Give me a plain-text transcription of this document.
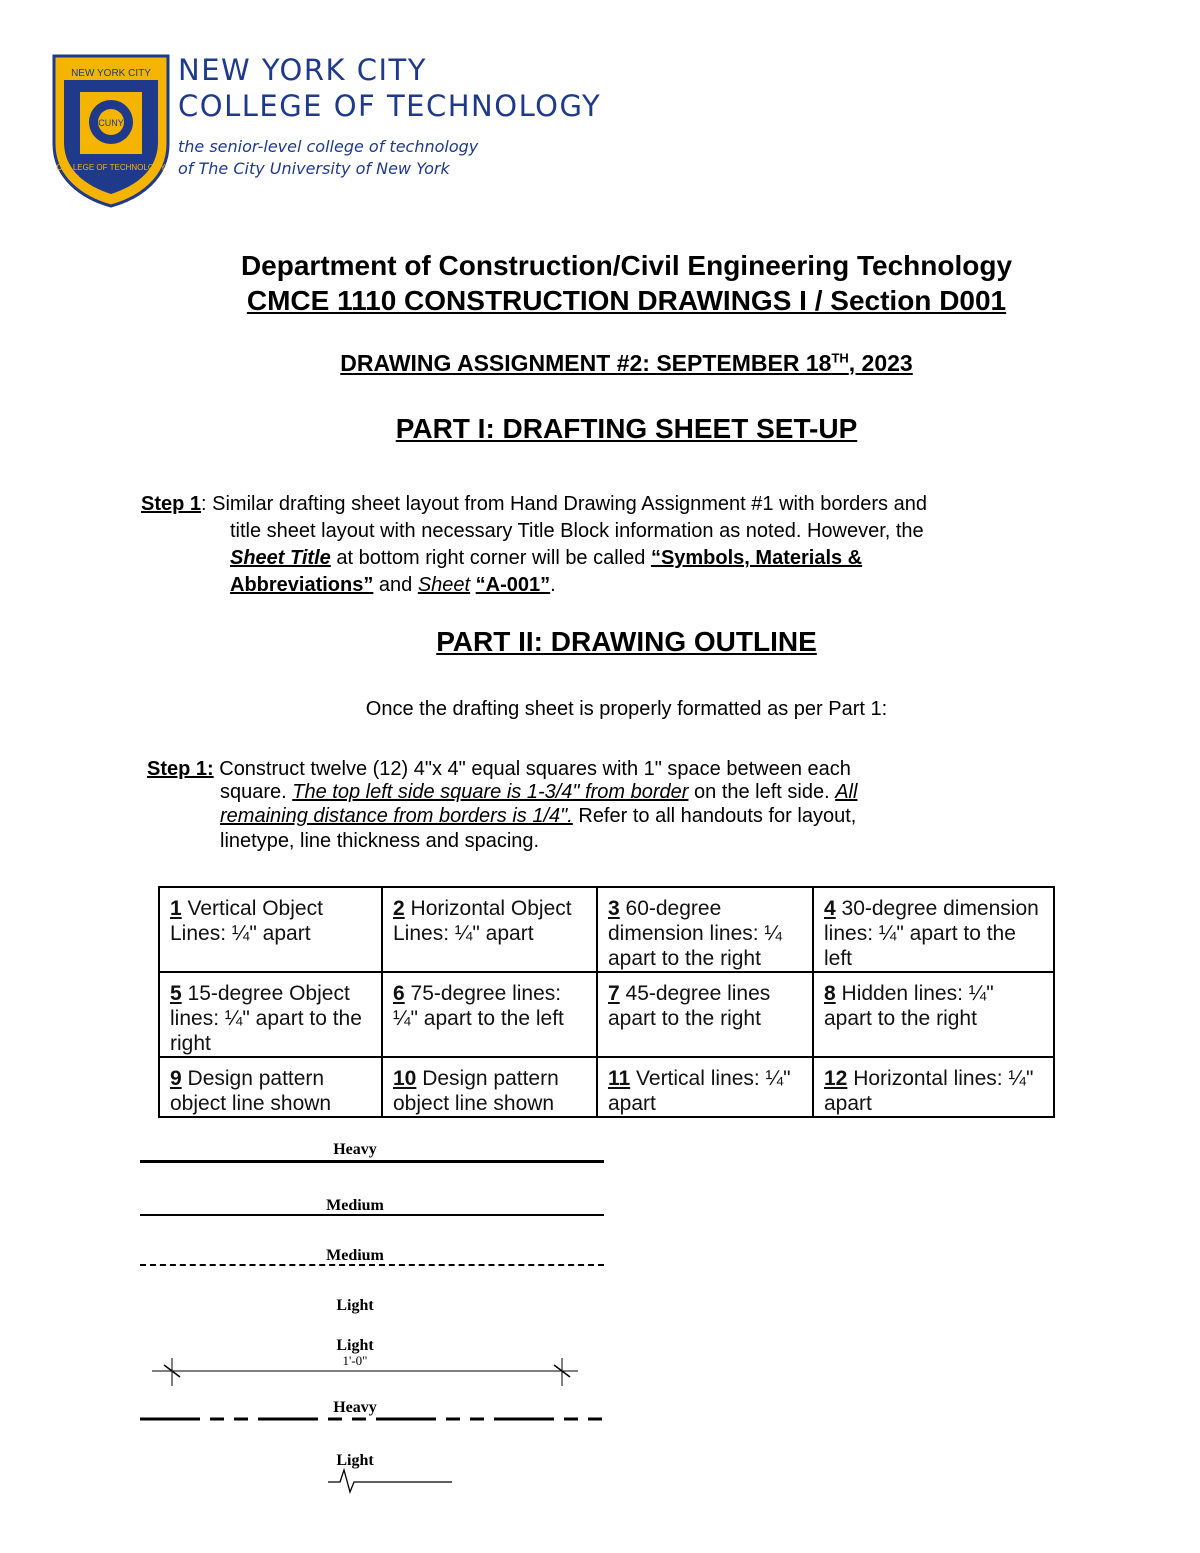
NEW YORK CITY
COLLEGE OF TECHNOLOGY
CUNY
NEW YORK CITY
COLLEGE OF TECHNOLOGY
the senior-level college of technology
of The City University of New York
Department of Construction/Civil Engineering Technology
CMCE 1110 CONSTRUCTION DRAWINGS I / Section D001
DRAWING ASSIGNMENT #2: SEPTEMBER 18TH, 2023
PART I: DRAFTING SHEET SET-UP
Step 1: Similar drafting sheet layout from Hand Drawing Assignment #1 with borders and
title sheet layout with necessary Title Block information as noted. However, the
Sheet Title at bottom right corner will be called “Symbols, Materials &
Abbreviations” and Sheet “A-001”.
PART II: DRAWING OUTLINE
Once the drafting sheet is properly formatted as per Part 1:
Step 1: Construct twelve (12) 4"x 4" equal squares with 1" space between each
square. The top left side square is 1-3/4" from border on the left side. All
remaining distance from borders is 1/4". Refer to all handouts for layout,
linetype, line thickness and spacing.
1 Vertical Object Lines: ¼" apart	2 Horizontal Object Lines: ¼" apart	3 60-degree dimension lines: ¼ apart to the right	4 30-degree dimension lines: ¼" apart to the left
5 15-degree Object lines: ¼" apart to the right	6 75-degree lines: ¼" apart to the left	7 45-degree lines apart to the right	8 Hidden lines: ¼" apart to the right
9 Design pattern object line shown	10 Design pattern object line shown	11 Vertical lines: ¼" apart	12 Horizontal lines: ¼" apart
Heavy
Medium
Medium
Light
Light
1'-0"
Heavy
Light
